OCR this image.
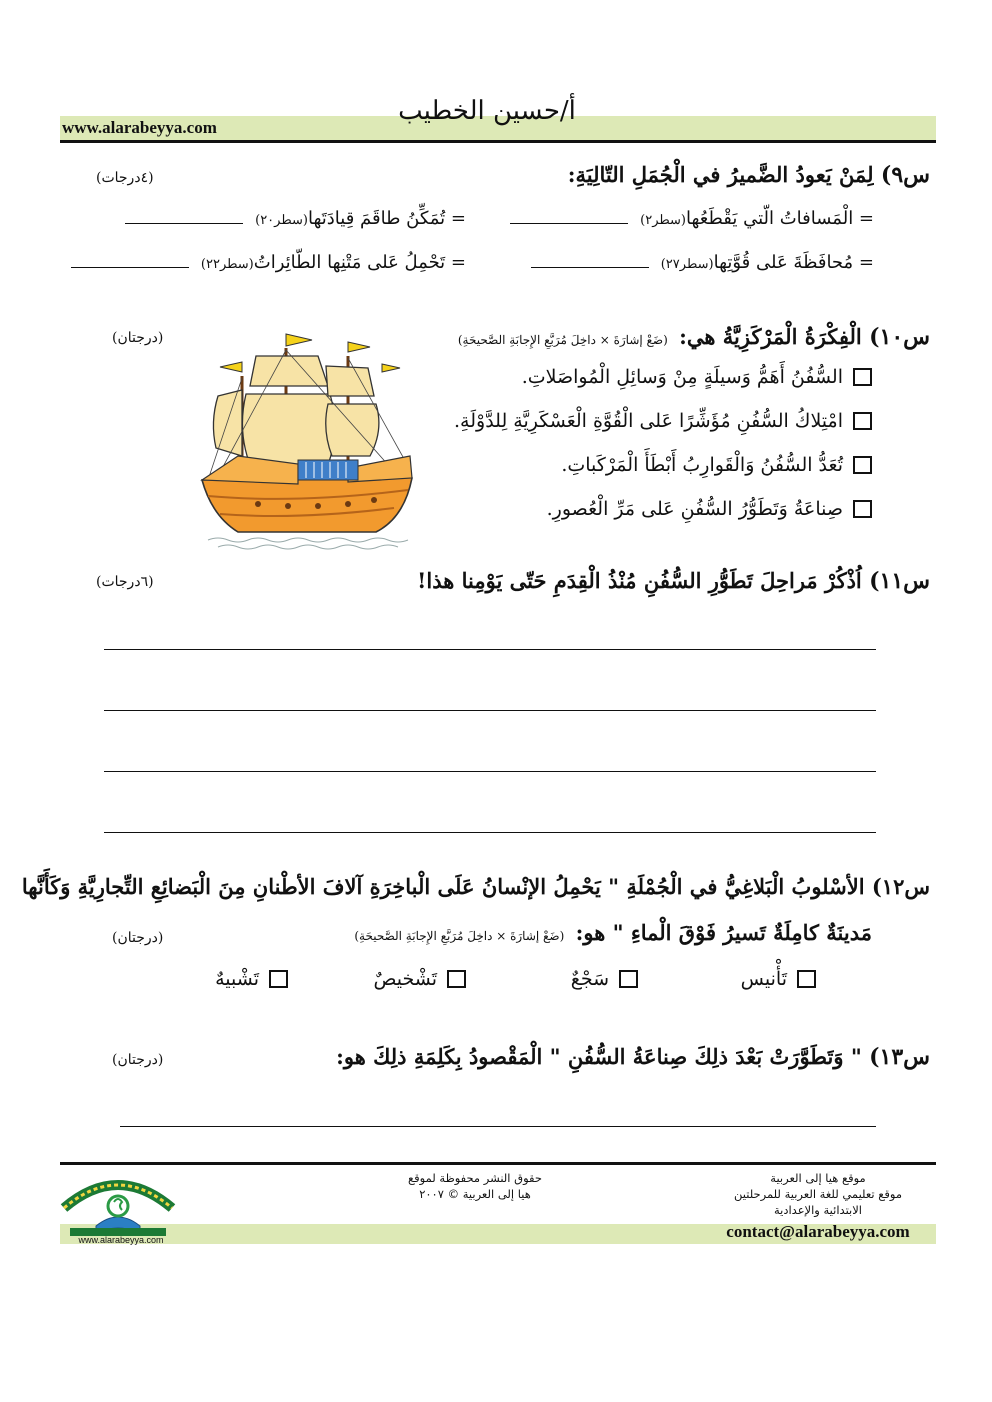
www.alarabeyya.com
أ/حسين الخطيب
س٩) لِمَنْ يَعودُ الضَّميرُ في الْجُمَلِ التّالِيَةِ:
(٤درجات)
= الْمَسافاتُ الّتي يَقْطَعُها(سطر٢)
= تُمَكِّنُ طاقَمَ قِيادَتَها(سطر٢٠)
= مُحافَظَةَ عَلى قُوَّتِها(سطر٢٧)
= تَحْمِلُ عَلى مَتْنِها الطّائِراتُ(سطر٢٢)
س١٠) الْفِكْرَةُ الْمَرْكَزِيَّةُ هي: (ضَعْ إشارَةَ × داخِلَ مُرَبَّعِ الإِجابَةِ الصَّحيحَةِ)
(درجتان)
السُّفُنُ أَهَمُّ وَسيلَةٍ مِنْ وَسائِلِ الْمُواصَلاتِ.
امْتِلاكُ السُّفُنِ مُؤَشِّرًا عَلى الْقُوَّةِ الْعَسْكَرِيَّةِ لِلدَّوْلَةِ.
تُعَدُّ السُّفُنُ وَالْقَوارِبُ أَبْطَأَ الْمَرْكَباتِ.
صِناعَةُ وَتَطَوُّرُ السُّفُنِ عَلى مَرِّ الْعُصورِ.
س١١) اُذْكُرْ مَراحِلَ تَطَوُّرِ السُّفُنِ مُنْذُ الْقِدَمِ حَتّى يَوْمِنا هذا!
(٦درجات)
س١٢) الأسْلوبُ الْبَلاغِيُّ في الْجُمْلَةِ " يَحْمِلُ الإنْسانُ عَلَى الْباخِرَةِ آلافَ الأطْنانِ مِنَ الْبَضائِعِ التِّجارِيَّةِ وَكَأَنَّها
مَدينَةٌ كامِلَةٌ تَسيرُ فَوْقَ الْماءِ " هو: (ضَعْ إشارَةَ × داخِلَ مُرَبَّعِ الإِجابَةِ الصَّحيحَةِ)
(درجتان)
تَأْنيس
سَجْعٌ
تَشْخيصٌ
تَشْبيهٌ
س١٣) " وَتَطَوَّرَتْ بَعْدَ ذلِكَ صِناعَةُ السُّفُنِ " الْمَقْصودُ بِكَلِمَةِ ذلِكَ هو:
(درجتان)
موقع هيا إلى العربية
موقع تعليمي للغة العربية للمرحلتين
الابتدائية والإعدادية
contact@alarabeyya.com
حقوق النشر محفوظة لموقع
هيا إلى العربية © ٢٠٠٧
www.alarabeyya.com
